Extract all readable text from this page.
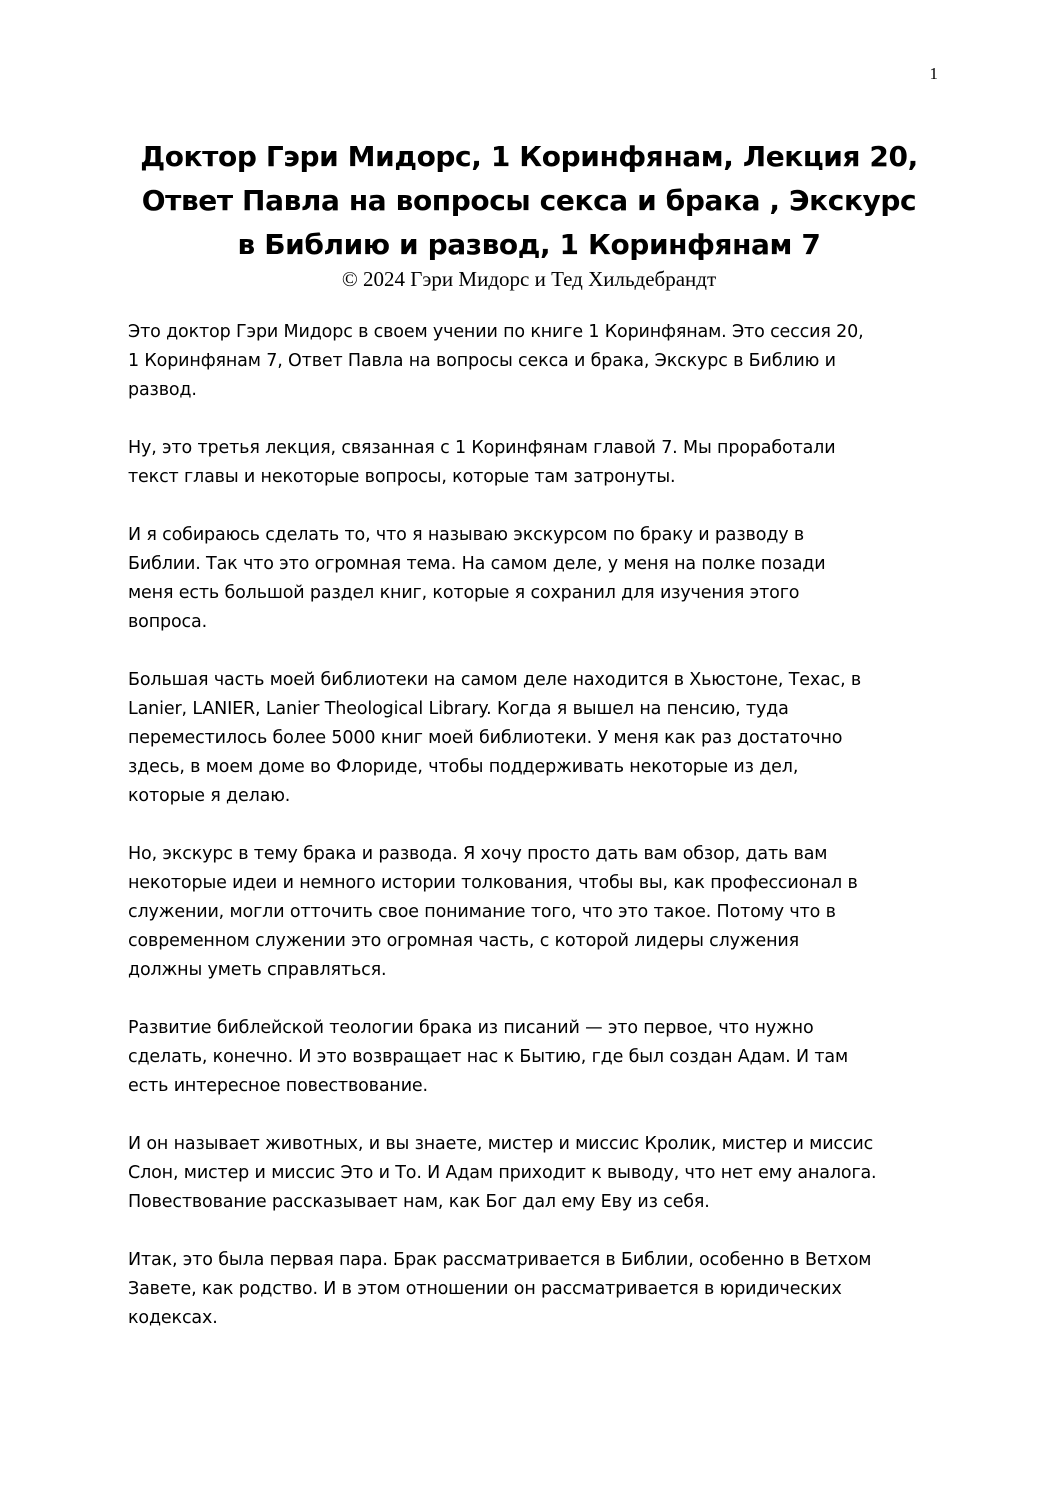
1
Доктор Гэри Мидорс, 1 Коринфянам, Лекция 20,
Ответ Павла на вопросы секса и брака , Экскурс
в Библию и развод, 1 Коринфянам 7
© 2024 Гэри Мидорс и Тед Хильдебрандт

Это доктор Гэри Мидорс в своем учении по книге 1 Коринфянам. Это сессия 20,
1 Коринфянам 7, Ответ Павла на вопросы секса и брака, Экскурс в Библию и
развод.

Ну, это третья лекция, связанная с 1 Коринфянам главой 7. Мы проработали
текст главы и некоторые вопросы, которые там затронуты.

И я собираюсь сделать то, что я называю экскурсом по браку и разводу в
Библии. Так что это огромная тема. На самом деле, у меня на полке позади
меня есть большой раздел книг, которые я сохранил для изучения этого
вопроса.

Большая часть моей библиотеки на самом деле находится в Хьюстоне, Техас, в
Lanier, LANIER, Lanier Theological Library. Когда я вышел на пенсию, туда
переместилось более 5000 книг моей библиотеки. У меня как раз достаточно
здесь, в моем доме во Флориде, чтобы поддерживать некоторые из дел,
которые я делаю.

Но, экскурс в тему брака и развода. Я хочу просто дать вам обзор, дать вам
некоторые идеи и немного истории толкования, чтобы вы, как профессионал в
служении, могли отточить свое понимание того, что это такое. Потому что в
современном служении это огромная часть, с которой лидеры служения
должны уметь справляться.

Развитие библейской теологии брака из писаний — это первое, что нужно
сделать, конечно. И это возвращает нас к Бытию, где был создан Адам. И там
есть интересное повествование.

И он называет животных, и вы знаете, мистер и миссис Кролик, мистер и миссис
Слон, мистер и миссис Это и То. И Адам приходит к выводу, что нет ему аналога.
Повествование рассказывает нам, как Бог дал ему Еву из себя.

Итак, это была первая пара. Брак рассматривается в Библии, особенно в Ветхом
Завете, как родство. И в этом отношении он рассматривается в юридических
кодексах.
